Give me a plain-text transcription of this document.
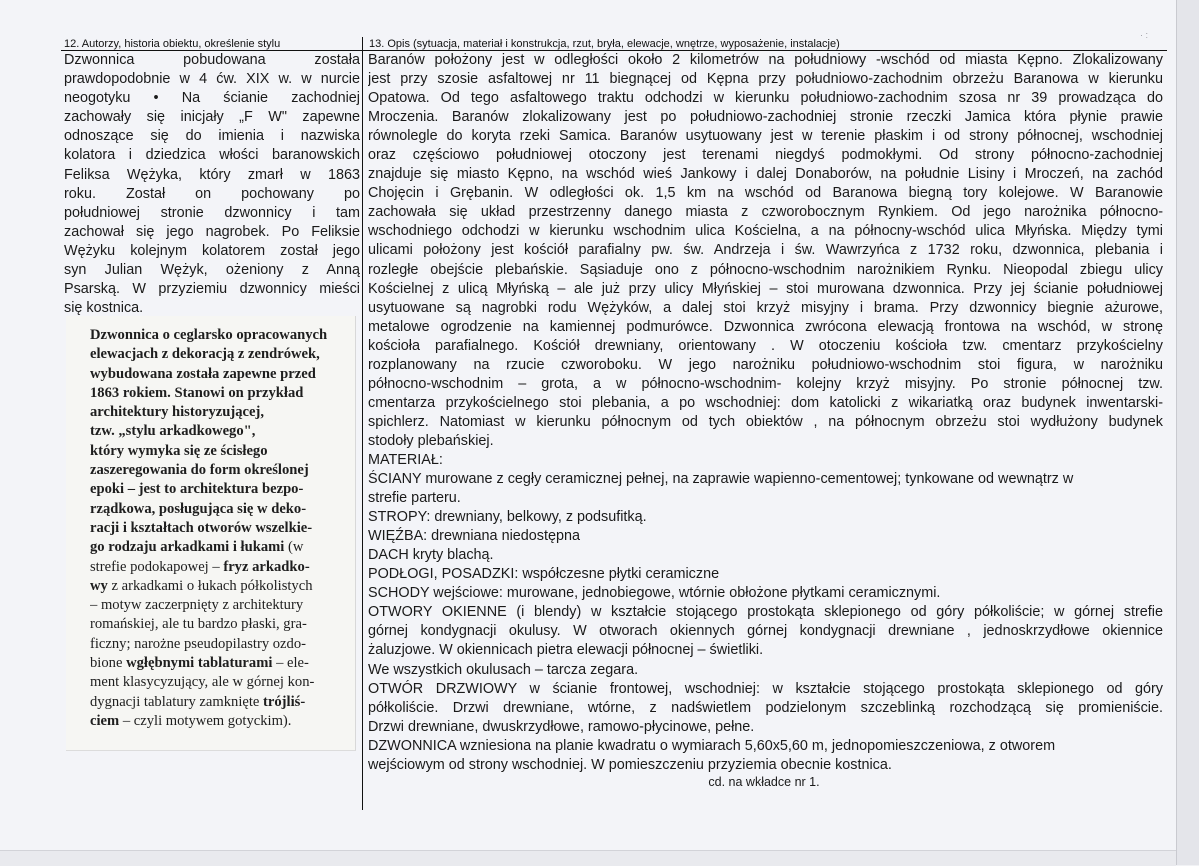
12. Autorzy, historia obiektu, określenie stylu	13. Opis (sytuacja, materiał i konstrukcja, rzut, bryła, elewacje, wnętrze, wyposażenie, instalacje)
· :
Dzwonnica pobudowana została
prawdopodobnie w 4 ćw. XIX w. w nurcie
neogotyku • Na ścianie zachodniej
zachowały się inicjały „F W" zapewne
odnoszące się do imienia i nazwiska
kolatora i dziedzica włości baranowskich
Feliksa Wężyka, który zmarł w 1863
roku. Został on pochowany po
południowej stronie dzwonnicy i tam
zachował się jego nagrobek. Po Feliksie
Wężyku kolejnym kolatorem został jego
syn Julian Wężyk, ożeniony z Anną
Psarską. W przyziemiu dzwonnicy mieści
się kostnica.
Dzwonnica o ceglarsko opracowanych
elewacjach z dekoracją z zendrówek,
wybudowana została zapewne przed
1863 rokiem. Stanowi on przykład
architektury historyzującej,
tzw. „stylu arkadkowego",
który wymyka się ze ścisłego
zaszeregowania do form określonej
epoki – jest to architektura bezpo-
rządkowa, posługująca się w deko-
racji i kształtach otworów wszelkie-
go rodzaju arkadkami i łukami (w
strefie podokapowej – fryz arkadko-
wy z arkadkami o łukach półkolistych
– motyw zaczerpnięty z architektury
romańskiej, ale tu bardzo płaski, gra-
ficzny; narożne pseudopilastry ozdo-
bione wgłębnymi tablaturami – ele-
ment klasycyzujący, ale w górnej kon-
dygnacji tablatury zamknięte trójliś-
ciem – czyli motywem gotyckim).
Baranów położony jest w odległości około 2 kilometrów na południowy -wschód od miasta Kępno. Zlokalizowany
jest przy szosie asfaltowej nr 11 biegnącej od Kępna przy południowo-zachodnim obrzeżu Baranowa w kierunku
Opatowa. Od tego asfaltowego traktu odchodzi w kierunku południowo-zachodnim szosa nr 39 prowadząca do
Mroczenia. Baranów zlokalizowany jest po południowo-zachodniej stronie rzeczki Jamica która płynie prawie
równolegle do koryta rzeki Samica. Baranów usytuowany jest w terenie płaskim i od strony północnej, wschodniej
oraz częściowo południowej otoczony jest terenami niegdyś podmokłymi. Od strony północno-zachodniej
znajduje się miasto Kępno, na wschód wieś Jankowy i dalej Donaborów, na południe Lisiny i Mroczeń, na zachód
Chojęcin i Grębanin. W odległości ok. 1,5 km na wschód od Baranowa biegną tory kolejowe. W Baranowie
zachowała się układ przestrzenny danego miasta z czworobocznym Rynkiem. Od jego narożnika północno-
wschodniego odchodzi w kierunku wschodnim ulica Kościelna, a na północny-wschód ulica Młyńska. Między tymi
ulicami położony jest kościół parafialny pw. św. Andrzeja i św. Wawrzyńca z 1732 roku, dzwonnica, plebania i
rozległe obejście plebańskie. Sąsiaduje ono z północno-wschodnim narożnikiem Rynku. Nieopodal zbiegu ulicy
Kościelnej z ulicą Młyńską – ale już przy ulicy Młyńskiej – stoi murowana dzwonnica. Przy jej ścianie południowej
usytuowane są nagrobki rodu Wężyków, a dalej stoi krzyż misyjny i brama. Przy dzwonnicy biegnie ażurowe,
metalowe ogrodzenie na kamiennej podmurówce. Dzwonnica zwrócona elewacją frontowa na wschód, w stronę
kościoła parafialnego. Kościół drewniany, orientowany . W otoczeniu kościoła tzw. cmentarz przykościelny
rozplanowany na rzucie czworoboku. W jego narożniku południowo-wschodnim stoi figura, w narożniku
północno-wschodnim – grota, a w północno-wschodnim- kolejny krzyż misyjny. Po stronie północnej tzw.
cmentarza przykościelnego stoi plebania, a po wschodniej: dom katolicki z wikariatką oraz budynek inwentarski-
spichlerz. Natomiast w kierunku północnym od tych obiektów , na północnym obrzeżu stoi wydłużony budynek
stodoły plebańskiej.
MATERIAŁ:
ŚCIANY murowane z cegły ceramicznej pełnej, na zaprawie wapienno-cementowej; tynkowane od wewnątrz w
strefie parteru.
STROPY: drewniany, belkowy, z podsufitką.
WIĘŹBA: drewniana niedostępna
DACH kryty blachą.
PODŁOGI, POSADZKI: współczesne płytki ceramiczne
SCHODY wejściowe: murowane, jednobiegowe, wtórnie obłożone płytkami ceramicznymi.
OTWORY OKIENNE (i blendy) w kształcie stojącego prostokąta sklepionego od góry półkoliście; w górnej strefie
górnej kondygnacji okulusy. W otworach okiennych górnej kondygnacji drewniane , jednoskrzydłowe okiennice
żaluzjowe. W okiennicach pietra elewacji północnej – świetliki.
We wszystkich okulusach – tarcza zegara.
OTWÓR DRZWIOWY w ścianie frontowej, wschodniej: w kształcie stojącego prostokąta sklepionego od góry
półkoliście. Drzwi drewniane, wtórne, z nadświetlem podzielonym szczeblinką rozchodzącą się promieniście.
Drzwi drewniane, dwuskrzydłowe, ramowo-płycinowe, pełne.
DZWONNICA wzniesiona na planie kwadratu o wymiarach 5,60x5,60 m, jednopomieszczeniowa, z otworem
wejściowym od strony wschodniej. W pomieszczeniu przyziemia obecnie kostnica.
cd. na wkładce nr 1.
